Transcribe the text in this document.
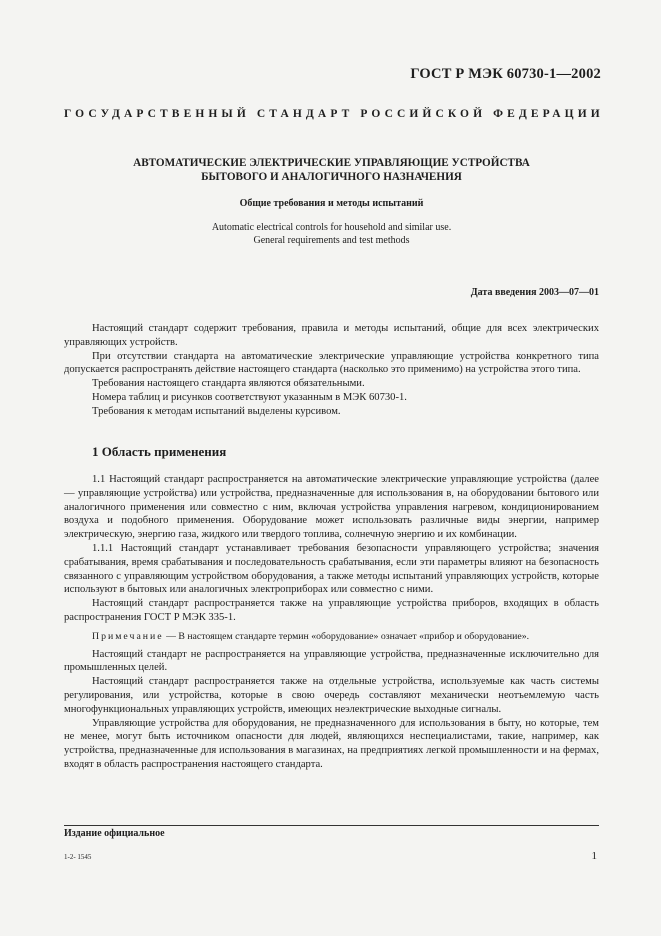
ГОСТ Р МЭК 60730-1—2002
ГОСУДАРСТВЕННЫЙ СТАНДАРТ РОССИЙСКОЙ ФЕДЕРАЦИИ
АВТОМАТИЧЕСКИЕ ЭЛЕКТРИЧЕСКИЕ УПРАВЛЯЮЩИЕ УСТРОЙСТВА
БЫТОВОГО И АНАЛОГИЧНОГО НАЗНАЧЕНИЯ
Общие требования и методы испытаний
Automatic electrical controls for household and similar use.
General requirements and test methods
Дата введения 2003—07—01

Настоящий стандарт содержит требования, правила и методы испытаний, общие для всех электрических управляющих устройств.

При отсутствии стандарта на автоматические электрические управляющие устройства конкретного типа допускается распространять действие настоящего стандарта (насколько это применимо) на устройства этого типа.

Требования настоящего стандарта являются обязательными.

Номера таблиц и рисунков соответствуют указанным в МЭК 60730-1.

Требования к методам испытаний выделены курсивом.

1 Область применения

1.1 Настоящий стандарт распространяется на автоматические электрические управляющие устройства (далее — управляющие устройства) или устройства, предназначенные для использования в, на оборудовании бытового или аналогичного применения или совместно с ним, включая устройства управления нагревом, кондиционированием воздуха и подобного применения. Оборудование может использовать различные виды энергии, например электрическую, энергию газа, жидкого или твердого топлива, солнечную энергию и их комбинации.

1.1.1 Настоящий стандарт устанавливает требования безопасности управляющего устройства; значения срабатывания, время срабатывания и последовательность срабатывания, если эти параметры влияют на безопасность связанного с управляющим устройством оборудования, а также методы испытаний управляющих устройств, которые используют в бытовых или аналогичных электроприборах или совместно с ними.

Настоящий стандарт распространяется также на управляющие устройства приборов, входящих в область распространения ГОСТ Р МЭК 335-1.

Примечание — В настоящем стандарте термин «оборудование» означает «прибор и оборудование».

Настоящий стандарт не распространяется на управляющие устройства, предназначенные исключительно для промышленных целей.

Настоящий стандарт распространяется также на отдельные устройства, используемые как часть системы регулирования, или устройства, которые в свою очередь составляют механически неотъемлемую часть многофункциональных управляющих устройств, имеющих неэлектрические выходные сигналы.

Управляющие устройства для оборудования, не предназначенного для использования в быту, но которые, тем не менее, могут быть источником опасности для людей, являющихся неспециалистами, такие, например, как устройства, предназначенные для использования в магазинах, на предприятиях легкой промышленности и на фермах, входят в область распространения настоящего стандарта.

Издание официальное
1-2- 1545	1
